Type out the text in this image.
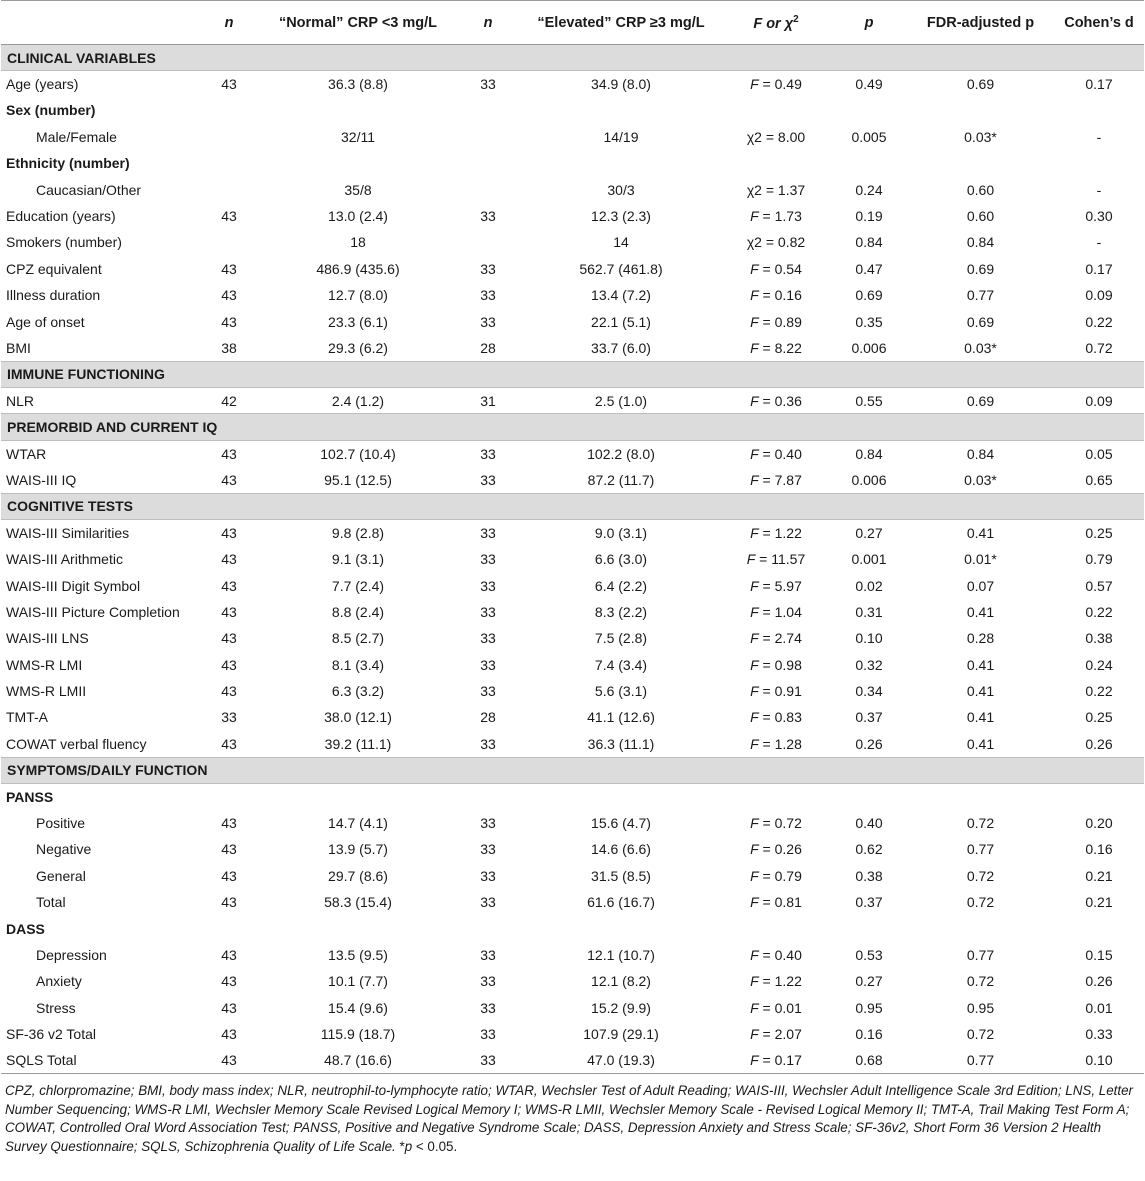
	n	“Normal” CRP <3 mg/L	n	“Elevated” CRP ≥3 mg/L	F or $\chi^2$	p	FDR-adjusted p	Cohen’s d
CLINICAL VARIABLES								
Age (years)	43	36.3 (8.8)	33	34.9 (8.0)	F = 0.49	0.49	0.69	0.17
Sex (number)								
Male/Female		32/11		14/19	χ2 = 8.00	0.005	0.03*	-
Ethnicity (number)								
Caucasian/Other		35/8		30/3	χ2 = 1.37	0.24	0.60	-
Education (years)	43	13.0 (2.4)	33	12.3 (2.3)	F = 1.73	0.19	0.60	0.30
Smokers (number)		18		14	χ2 = 0.82	0.84	0.84	-
CPZ equivalent	43	486.9 (435.6)	33	562.7 (461.8)	F = 0.54	0.47	0.69	0.17
Illness duration	43	12.7 (8.0)	33	13.4 (7.2)	F = 0.16	0.69	0.77	0.09
Age of onset	43	23.3 (6.1)	33	22.1 (5.1)	F = 0.89	0.35	0.69	0.22
BMI	38	29.3 (6.2)	28	33.7 (6.0)	F = 8.22	0.006	0.03*	0.72
IMMUNE FUNCTIONING								
NLR	42	2.4 (1.2)	31	2.5 (1.0)	F = 0.36	0.55	0.69	0.09
PREMORBID AND CURRENT IQ								
WTAR	43	102.7 (10.4)	33	102.2 (8.0)	F = 0.40	0.84	0.84	0.05
WAIS-III IQ	43	95.1 (12.5)	33	87.2 (11.7)	F = 7.87	0.006	0.03*	0.65
COGNITIVE TESTS								
WAIS-III Similarities	43	9.8 (2.8)	33	9.0 (3.1)	F = 1.22	0.27	0.41	0.25
WAIS-III Arithmetic	43	9.1 (3.1)	33	6.6 (3.0)	F = 11.57	0.001	0.01*	0.79
WAIS-III Digit Symbol	43	7.7 (2.4)	33	6.4 (2.2)	F = 5.97	0.02	0.07	0.57
WAIS-III Picture Completion	43	8.8 (2.4)	33	8.3 (2.2)	F = 1.04	0.31	0.41	0.22
WAIS-III LNS	43	8.5 (2.7)	33	7.5 (2.8)	F = 2.74	0.10	0.28	0.38
WMS-R LMI	43	8.1 (3.4)	33	7.4 (3.4)	F = 0.98	0.32	0.41	0.24
WMS-R LMII	43	6.3 (3.2)	33	5.6 (3.1)	F = 0.91	0.34	0.41	0.22
TMT-A	33	38.0 (12.1)	28	41.1 (12.6)	F = 0.83	0.37	0.41	0.25
COWAT verbal fluency	43	39.2 (11.1)	33	36.3 (11.1)	F = 1.28	0.26	0.41	0.26
SYMPTOMS/DAILY FUNCTION								
PANSS								
Positive	43	14.7 (4.1)	33	15.6 (4.7)	F = 0.72	0.40	0.72	0.20
Negative	43	13.9 (5.7)	33	14.6 (6.6)	F = 0.26	0.62	0.77	0.16
General	43	29.7 (8.6)	33	31.5 (8.5)	F = 0.79	0.38	0.72	0.21
Total	43	58.3 (15.4)	33	61.6 (16.7)	F = 0.81	0.37	0.72	0.21
DASS								
Depression	43	13.5 (9.5)	33	12.1 (10.7)	F = 0.40	0.53	0.77	0.15
Anxiety	43	10.1 (7.7)	33	12.1 (8.2)	F = 1.22	0.27	0.72	0.26
Stress	43	15.4 (9.6)	33	15.2 (9.9)	F = 0.01	0.95	0.95	0.01
SF-36 v2 Total	43	115.9 (18.7)	33	107.9 (29.1)	F = 2.07	0.16	0.72	0.33
SQLS Total	43	48.7 (16.6)	33	47.0 (19.3)	F = 0.17	0.68	0.77	0.10
CPZ, chlorpromazine; BMI, body mass index; NLR, neutrophil-to-lymphocyte ratio; WTAR, Wechsler Test of Adult Reading; WAIS-III, Wechsler Adult Intelligence Scale 3rd Edition; LNS, Letter Number Sequencing; WMS-R LMI, Wechsler Memory Scale Revised Logical Memory I; WMS-R LMII, Wechsler Memory Scale - Revised Logical Memory II; TMT-A, Trail Making Test Form A; COWAT, Controlled Oral Word Association Test; PANSS, Positive and Negative Syndrome Scale; DASS, Depression Anxiety and Stress Scale; SF-36v2, Short Form 36 Version 2 Health Survey Questionnaire; SQLS, Schizophrenia Quality of Life Scale. *p < 0.05.
